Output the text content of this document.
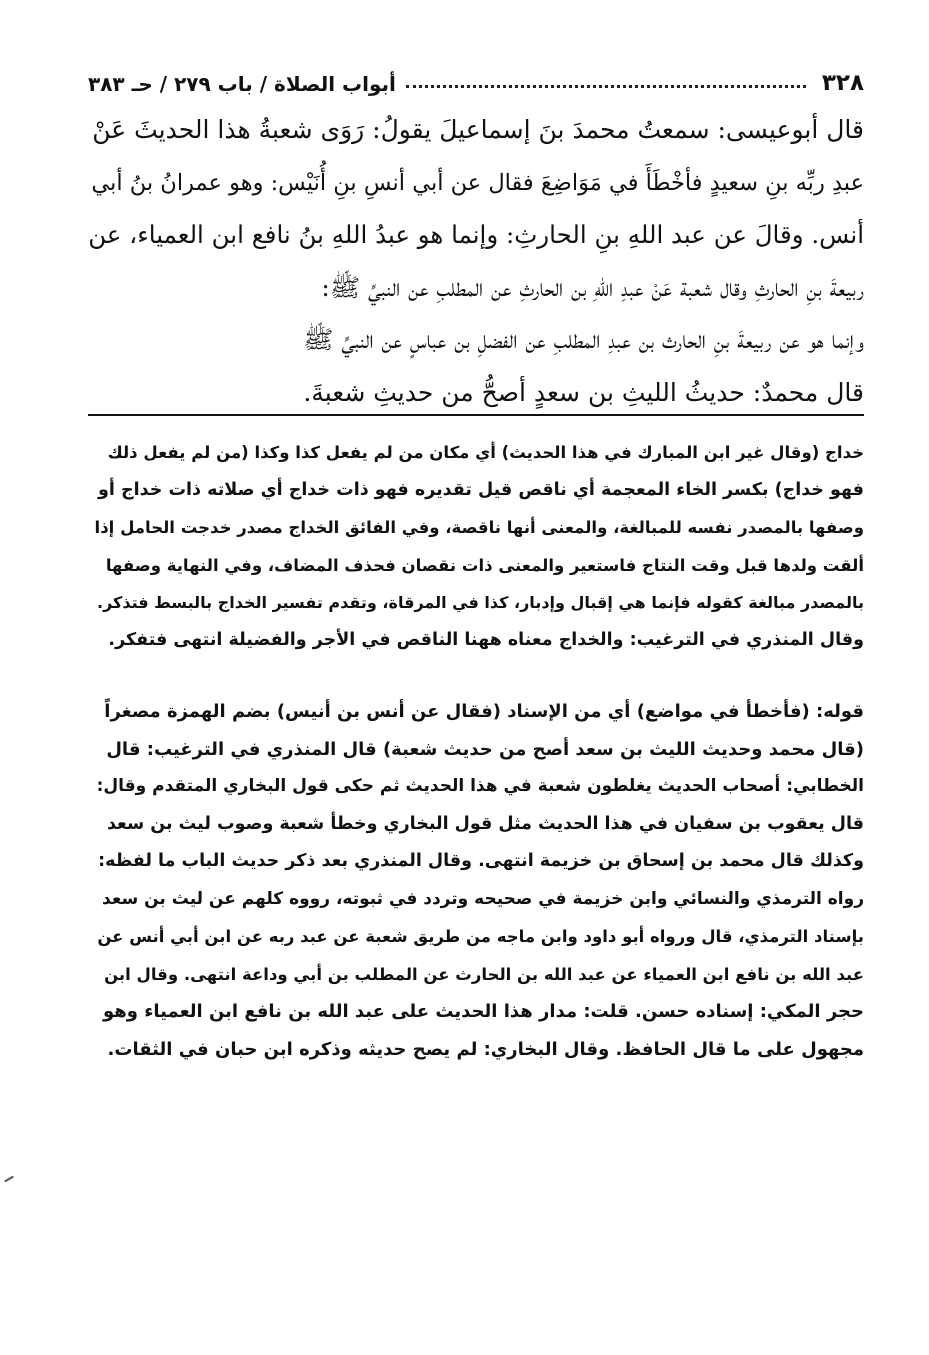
٣٢٨
أبواب الصلاة / باب ٢٧٩ / حـ ٣٨٣

قال أبوعيسى: سمعتُ محمدَ بنَ إسماعيلَ يقولُ: رَوَى شعبةُ هذا الحديثَ عَنْ
عبدِ ربِّه بنِ سعيدٍ فأخْطَأَ في مَوَاضِعَ فقال عن أبي أنسِ بنِ أُنَيْس: وهو عمرانُ بنُ أبي
أنس. وقالَ عن عبد اللهِ بنِ الحارثِ: وإنما هو عبدُ اللهِ بنُ نافع ابن العمياء، عن
ربيعةَ بنِ الحارثِ وقال شعبة عَنْ عبدِ اللهِ بن الحارثِ عن المطلبِ عن النبيِّ ﷺ:
وإنما هو عن ربيعةَ بنِ الحارث بن عبدِ المطلبِ عن الفضلِ بن عباسٍ عن النبيِّ ﷺ
قال محمدٌ: حديثُ الليثِ بن سعدٍ أصحُّ من حديثِ شعبةَ.

خداج (وقال غير ابن المبارك في هذا الحديث) أي مكان من لم يفعل كذا وكذا (من لم يفعل ذلك
فهو خداج) بكسر الخاء المعجمة أي ناقص قيل تقديره فهو ذات خداج أي صلاته ذات خداج أو
وصفها بالمصدر نفسه للمبالغة، والمعنى أنها ناقصة، وفي الفائق الخداج مصدر خدجت الحامل إذا
ألقت ولدها قبل وقت النتاج فاستعير والمعنى ذات نقصان فحذف المضاف، وفي النهاية وصفها
بالمصدر مبالغة كقوله فإنما هي إقبال وإدبار، كذا في المرقاة، وتقدم تفسير الخداج بالبسط فتذكر.
وقال المنذري في الترغيب: والخداج معناه ههنا الناقص في الأجر والفضيلة انتهى فتفكر.

قوله: (فأخطأ في مواضع) أي من الإسناد (فقال عن أنس بن أنيس) بضم الهمزة مصغراً
(قال محمد وحديث الليث بن سعد أصح من حديث شعبة) قال المنذري في الترغيب: قال
الخطابي: أصحاب الحديث يغلطون شعبة في هذا الحديث ثم حكى قول البخاري المتقدم وقال:
قال يعقوب بن سفيان في هذا الحديث مثل قول البخاري وخطأ شعبة وصوب ليث بن سعد
وكذلك قال محمد بن إسحاق بن خزيمة انتهى. وقال المنذري بعد ذكر حديث الباب ما لفظه:
رواه الترمذي والنسائي وابن خزيمة في صحيحه وتردد في ثبوته، رووه كلهم عن ليث بن سعد
بإسناد الترمذي، قال ورواه أبو داود وابن ماجه من طريق شعبة عن عبد ربه عن ابن أبي أنس عن
عبد الله بن نافع ابن العمياء عن عبد الله بن الحارث عن المطلب بن أبي وداعة انتهى. وقال ابن
حجر المكي: إسناده حسن. قلت: مدار هذا الحديث على عبد الله بن نافع ابن العمياء وهو
مجهول على ما قال الحافظ. وقال البخاري: لم يصح حديثه وذكره ابن حبان في الثقات.
